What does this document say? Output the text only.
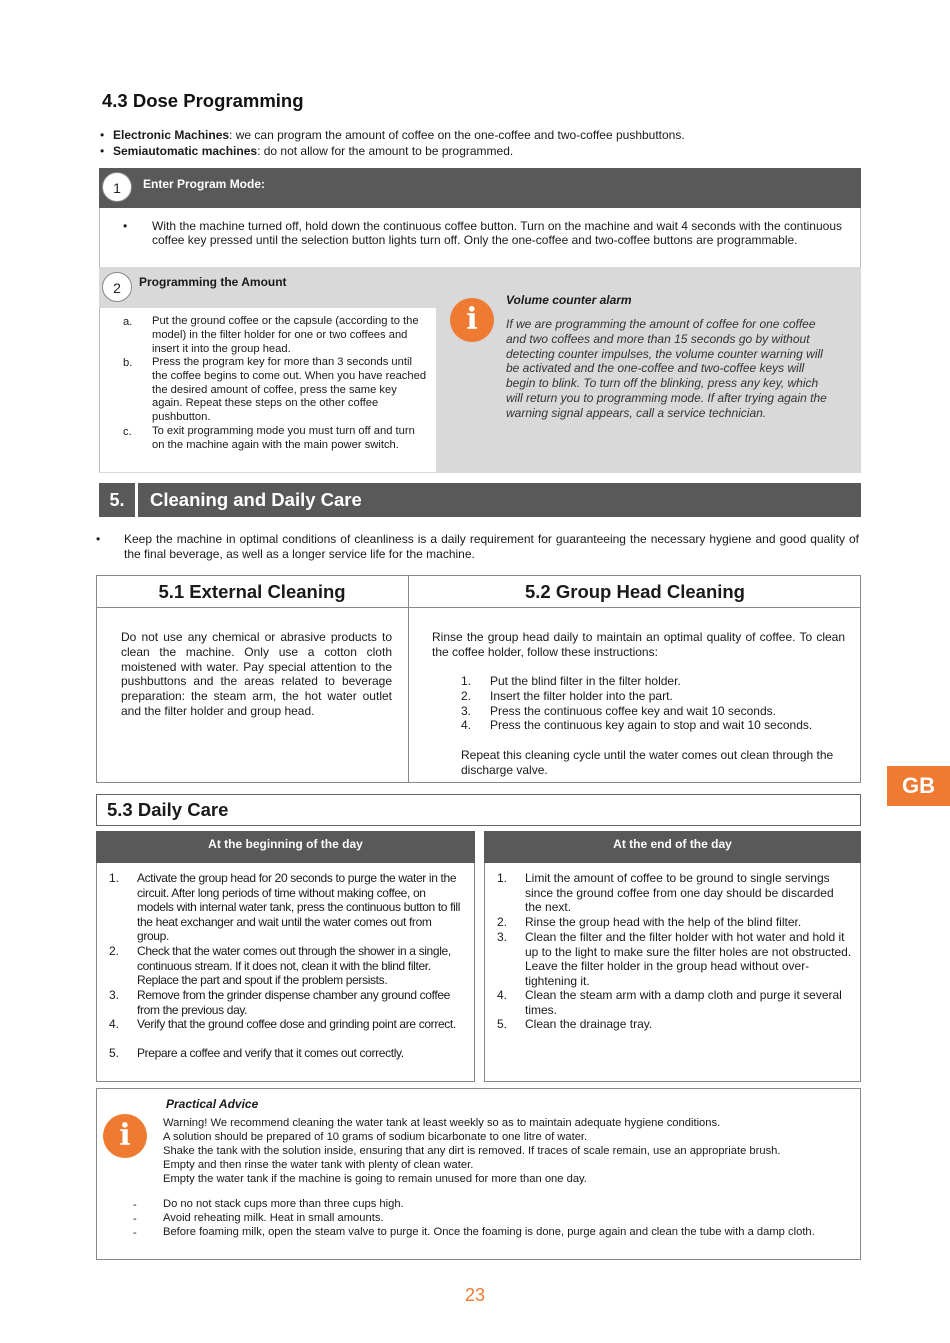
4.3 Dose Programming
• Electronic Machines: we can program the amount of coffee on the one-coffee and two-coffee pushbuttons.
• Semiautomatic machines: do not allow for the amount to be programmed.
1	Enter Program Mode:
• With the machine turned off, hold down the continuous coffee button. Turn on the machine and wait 4 seconds with the continuous coffee key pressed until the selection button lights turn off. Only the one-coffee and two-coffee buttons are programmable.
2	Programming the Amount
a. Put the ground coffee or the capsule (according to the model) in the filter holder for one or two coffees and insert it into the group head.
b. Press the program key for more than 3 seconds until the coffee begins to come out. When you have reached the desired amount of coffee, press the same key again. Repeat these steps on the other coffee pushbutton.
c. To exit programming mode you must turn off and turn on the machine again with the main power switch.
i
Volume counter alarm
If we are programming the amount of coffee for one coffee and two coffees and more than 15 seconds go by without detecting counter impulses, the volume counter warning will be activated and the one-coffee and two-coffee keys will begin to blink. To turn off the blinking, press any key, which will return you to programming mode. If after trying again the warning signal appears, call a service technician.
5.	Cleaning and Daily Care
• Keep the machine in optimal conditions of cleanliness is a daily requirement for guaranteeing the necessary hygiene and good quality of the final beverage, as well as a longer service life for the machine.
5.1 External Cleaning	5.2 Group Head Cleaning
Do not use any chemical or abrasive products to clean the machine. Only use a cotton cloth moistened with water. Pay special attention to the pushbuttons and the areas related to beverage preparation: the steam arm, the hot water outlet and the filter holder and group head.
Rinse the group head daily to maintain an optimal quality of coffee. To clean the coffee holder, follow these instructions:
1. Put the blind filter in the filter holder.
2. Insert the filter holder into the part.
3. Press the continuous coffee key and wait 10 seconds.
4. Press the continuous key again to stop and wait 10 seconds.
Repeat this cleaning cycle until the water comes out clean through the discharge valve.
GB
5.3 Daily Care
At the beginning of the day
1. Activate the group head for 20 seconds to purge the water in the circuit. After long periods of time without making coffee, on models with internal water tank, press the continuous button to fill the heat exchanger and wait until the water comes out from group.
2. Check that the water comes out through the shower in a single, continuous stream. If it does not, clean it with the blind filter. Replace the part and spout if the problem persists.
3. Remove from the grinder dispense chamber any ground coffee from the previous day.
4. Verify that the ground coffee dose and grinding point are correct.
5. Prepare a coffee and verify that it comes out correctly.
At the end of the day
1. Limit the amount of coffee to be ground to single servings since the ground coffee from one day should be discarded the next.
2. Rinse the group head with the help of the blind filter.
3. Clean the filter and the filter holder with hot water and hold it up to the light to make sure the filter holes are not obstructed. Leave the filter holder in the group head without over-tightening it.
4. Clean the steam arm with a damp cloth and purge it several times.
5. Clean the drainage tray.
i
Practical Advice
Warning! We recommend cleaning the water tank at least weekly so as to maintain adequate hygiene conditions.
A solution should be prepared of 10 grams of sodium bicarbonate to one litre of water.
Shake the tank with the solution inside, ensuring that any dirt is removed. If traces of scale remain, use an appropriate brush.
Empty and then rinse the water tank with plenty of clean water.
Empty the water tank if the machine is going to remain unused for more than one day.
- Do no not stack cups more than three cups high.
- Avoid reheating milk. Heat in small amounts.
- Before foaming milk, open the steam valve to purge it. Once the foaming is done, purge again and clean the tube with a damp cloth.
23
